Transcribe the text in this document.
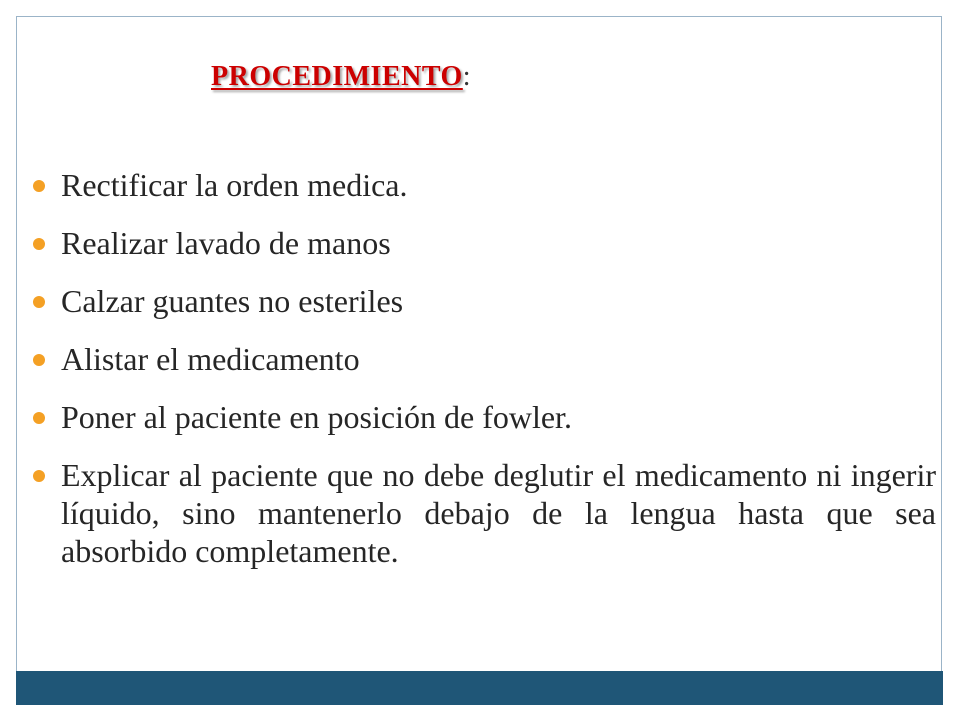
PROCEDIMIENTO:
Rectificar la orden medica.
Realizar lavado de manos
Calzar guantes no esteriles
Alistar el medicamento
Poner al paciente en posición de fowler.
Explicar al paciente que no debe deglutir el medicamento ni ingerir líquido, sino mantenerlo debajo de la lengua hasta que sea absorbido completamente.
